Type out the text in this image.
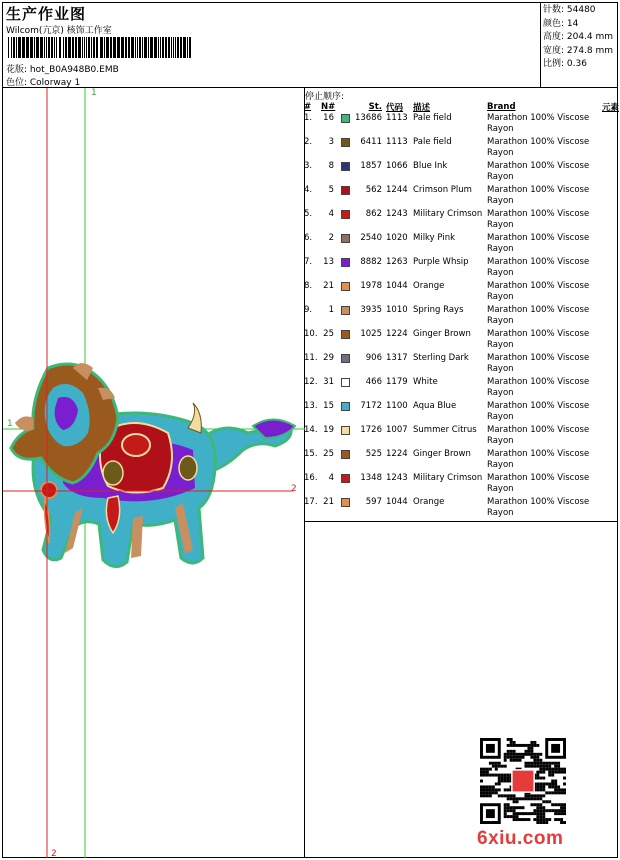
生产作业图
Wilcom(亢京) 核饰工作室
花版: hot_B0A948B0.EMB
色位: Colorway 1
针数: 54480
颜色: 14
高度: 204.4 mm
宽度: 274.8 mm
比例: 0.36
1
1
2
2
停止顺序:
#	N#	St.		代码	描述	Brand	元素
1.	16		13686	1113	Pale field	Marathon 100% Viscose Rayon	
2.	3		6411	1113	Pale field	Marathon 100% Viscose Rayon	
3.	8		1857	1066	Blue Ink	Marathon 100% Viscose Rayon	
4.	5		562	1244	Crimson Plum	Marathon 100% Viscose Rayon	
5.	4		862	1243	Military Crimson	Marathon 100% Viscose Rayon	
6.	2		2540	1020	Milky Pink	Marathon 100% Viscose Rayon	
7.	13		8882	1263	Purple Whsip	Marathon 100% Viscose Rayon	
8.	21		1978	1044	Orange	Marathon 100% Viscose Rayon	
9.	1		3935	1010	Spring Rays	Marathon 100% Viscose Rayon	
10.	25		1025	1224	Ginger Brown	Marathon 100% Viscose Rayon	
11.	29		906	1317	Sterling Dark	Marathon 100% Viscose Rayon	
12.	31		466	1179	White	Marathon 100% Viscose Rayon	
13.	15		7172	1100	Aqua Blue	Marathon 100% Viscose Rayon	
14.	19		1726	1007	Summer Citrus	Marathon 100% Viscose Rayon	
15.	25		525	1224	Ginger Brown	Marathon 100% Viscose Rayon	
16.	4		1348	1243	Military Crimson	Marathon 100% Viscose Rayon	
17.	21		597	1044	Orange	Marathon 100% Viscose Rayon	
6xiu.com
